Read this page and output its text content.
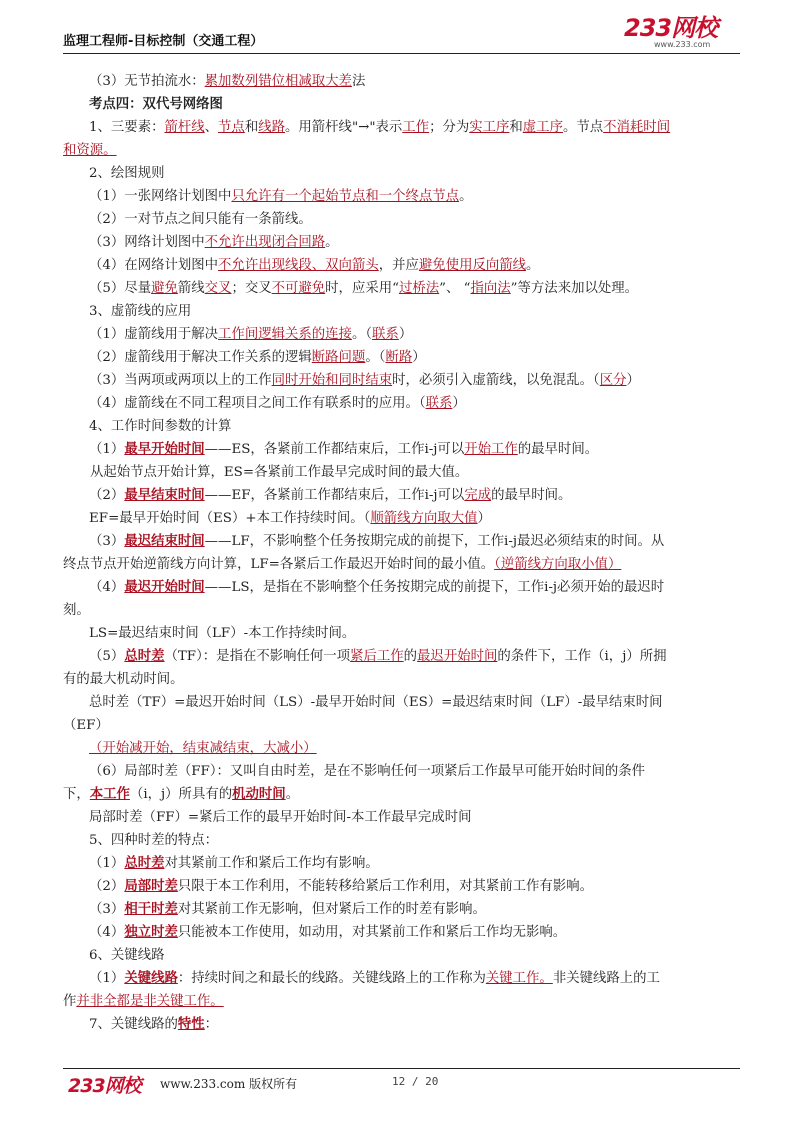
监理工程师-目标控制（交通工程）	233网校
www.233.com
（3）无节拍流水：累加数列错位相减取大差法
考点四：双代号网络图
1、三要素：箭杆线、节点和线路。用箭杆线"→"表示工作；分为实工序和虚工序。节点不消耗时间
和资源。
2、绘图规则
（1）一张网络计划图中只允许有一个起始节点和一个终点节点。
（2）一对节点之间只能有一条箭线。
（3）网络计划图中不允许出现闭合回路。
（4）在网络计划图中不允许出现线段、双向箭头，并应避免使用反向箭线。
（5）尽量避免箭线交叉；交叉不可避免时，应采用“过桥法”、 “指向法”等方法来加以处理。
3、虚箭线的应用
（1）虚箭线用于解决工作间逻辑关系的连接。（联系）
（2）虚箭线用于解决工作关系的逻辑断路问题。（断路）
（3）当两项或两项以上的工作同时开始和同时结束时，必须引入虚箭线，以免混乱。（区分）
（4）虚箭线在不同工程项目之间工作有联系时的应用。（联系）
4、工作时间参数的计算
（1）最早开始时间——ES，各紧前工作都结束后，工作i-j可以开始工作的最早时间。
从起始节点开始计算，ES=各紧前工作最早完成时间的最大值。
（2）最早结束时间——EF，各紧前工作都结束后，工作i-j可以完成的最早时间。
EF=最早开始时间（ES）+本工作持续时间。（顺箭线方向取大值）
（3）最迟结束时间——LF，不影响整个任务按期完成的前提下，工作i-j最迟必须结束的时间。从
终点节点开始逆箭线方向计算，LF=各紧后工作最迟开始时间的最小值。（逆箭线方向取小值）
（4）最迟开始时间——LS，是指在不影响整个任务按期完成的前提下，工作i-j必须开始的最迟时
刻。
LS=最迟结束时间（LF）-本工作持续时间。
（5）总时差（TF）：是指在不影响任何一项紧后工作的最迟开始时间的条件下，工作（i，j）所拥
有的最大机动时间。
总时差（TF）=最迟开始时间（LS）-最早开始时间（ES）=最迟结束时间（LF）-最早结束时间
（EF）
（开始减开始，结束减结束，大减小）
（6）局部时差（FF）：又叫自由时差，是在不影响任何一项紧后工作最早可能开始时间的条件
下，本工作（i，j）所具有的机动时间。
局部时差（FF）=紧后工作的最早开始时间-本工作最早完成时间
5、四种时差的特点：
（1）总时差对其紧前工作和紧后工作均有影响。
（2）局部时差只限于本工作利用，不能转移给紧后工作利用，对其紧前工作有影响。
（3）相干时差对其紧前工作无影响，但对紧后工作的时差有影响。
（4）独立时差只能被本工作使用，如动用，对其紧前工作和紧后工作均无影响。
6、关键线路
（1）关键线路：持续时间之和最长的线路。关键线路上的工作称为关键工作。非关键线路上的工
作并非全都是非关键工作。
7、关键线路的特性：
233网校 www.233.com 版权所有	12 / 20
